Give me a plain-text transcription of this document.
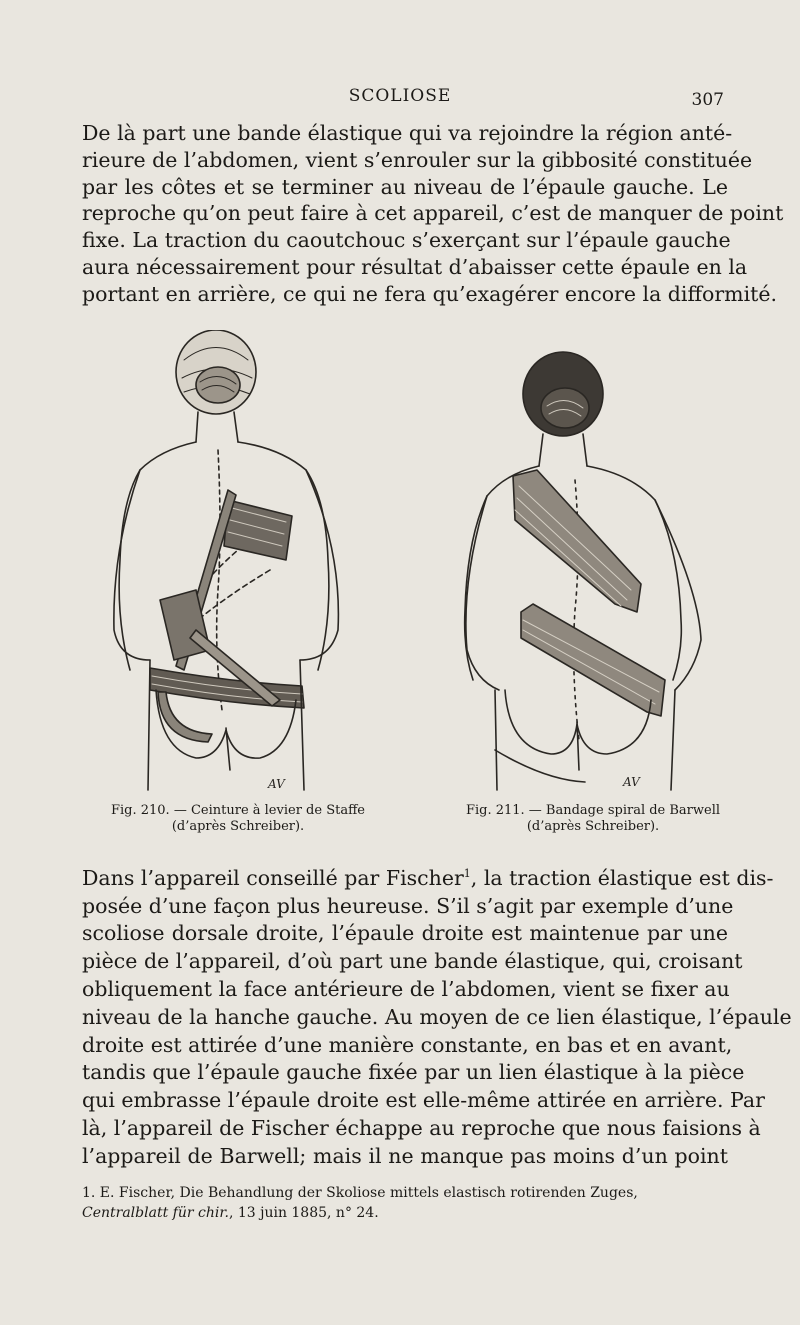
SCOLIOSE	307

De là part une bande élastique qui va rejoindre la région anté-
rieure de l’abdomen, vient s’enrouler sur la gibbosité constituée
par les côtes et se terminer au niveau de l’épaule gauche. Le
reproche qu’on peut faire à cet appareil, c’est de manquer de point
fixe. La traction du caoutchouc s’exerçant sur l’épaule gauche
aura nécessairement pour résultat d’abaisser cette épaule en la
portant en arrière, ce qui ne fera qu’exagérer encore la difformité.

AV	AV
Fig. 210. — Ceinture à levier de Staffe
(d’après Schreiber).
Fig. 211. — Bandage spiral de Barwell
(d’après Schreiber).

Dans l’appareil conseillé par Fischer$^1$, la traction élastique est dis-
posée d’une façon plus heureuse. S’il s’agit par exemple d’une
scoliose dorsale droite, l’épaule droite est maintenue par une
pièce de l’appareil, d’où part une bande élastique, qui, croisant
obliquement la face antérieure de l’abdomen, vient se fixer au
niveau de la hanche gauche. Au moyen de ce lien élastique, l’épaule
droite est attirée d’une manière constante, en bas et en avant,
tandis que l’épaule gauche fixée par un lien élastique à la pièce
qui embrasse l’épaule droite est elle-même attirée en arrière. Par
là, l’appareil de Fischer échappe au reproche que nous faisions à
l’appareil de Barwell; mais il ne manque pas moins d’un point

1. E. Fischer, Die Behandlung der Skoliose mittels elastisch rotirenden Zuges,
Centralblatt für chir., 13 juin 1885, n° 24.
